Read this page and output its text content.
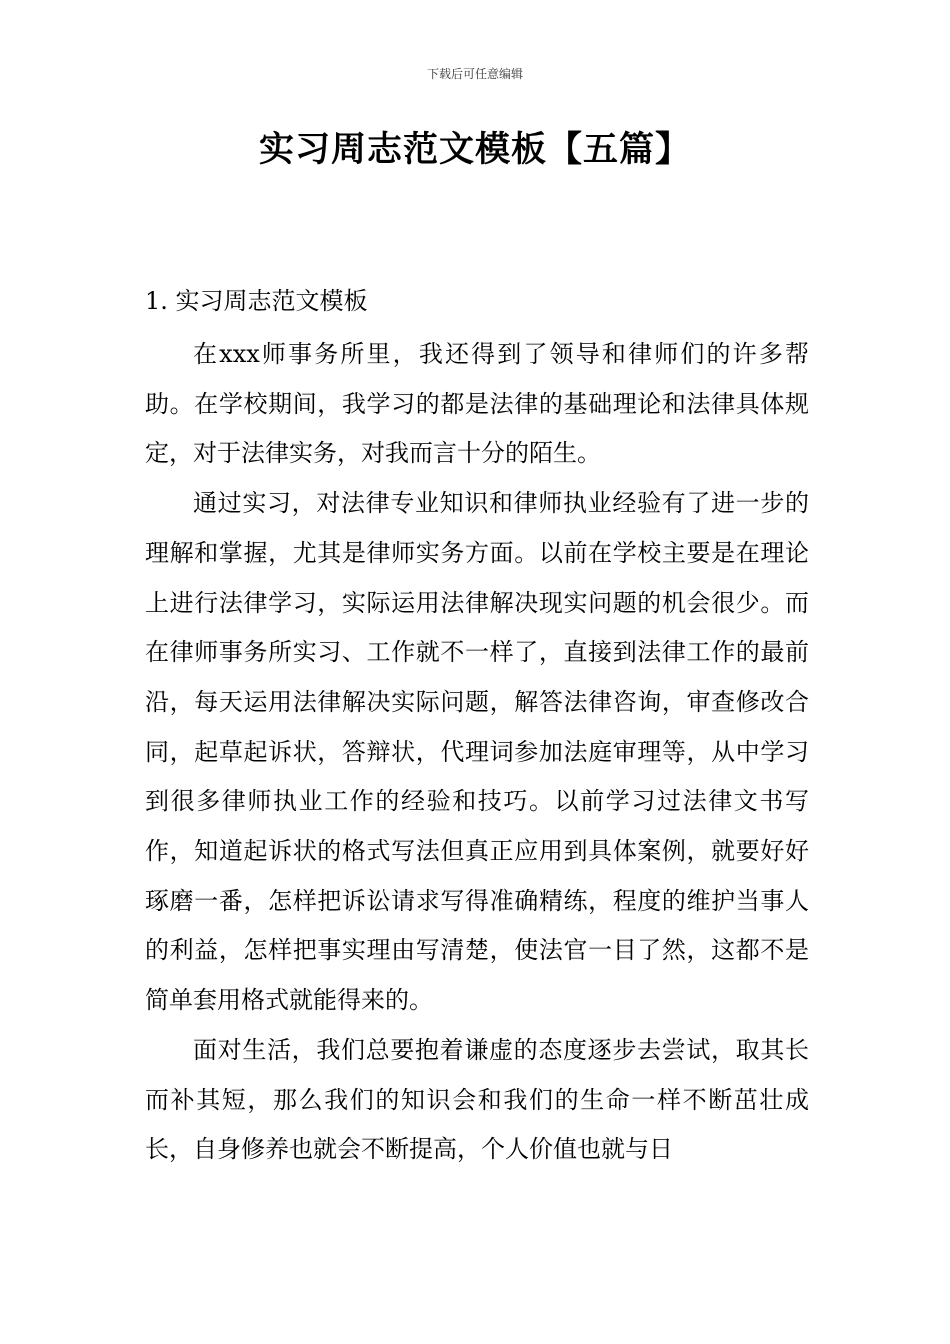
下载后可任意编辑
实习周志范文模板【五篇】
1. 实习周志范文模板

在xxx师事务所里，我还得到了领导和律师们的许多帮助。在学校期间，我学习的都是法律的基础理论和法律具体规定，对于法律实务，对我而言十分的陌生。

通过实习，对法律专业知识和律师执业经验有了进一步的理解和掌握，尤其是律师实务方面。以前在学校主要是在理论上进行法律学习，实际运用法律解决现实问题的机会很少。而在律师事务所实习、工作就不一样了，直接到法律工作的最前沿，每天运用法律解决实际问题，解答法律咨询，审查修改合同，起草起诉状，答辩状，代理词参加法庭审理等，从中学习到很多律师执业工作的经验和技巧。以前学习过法律文书写作，知道起诉状的格式写法但真正应用到具体案例，就要好好琢磨一番，怎样把诉讼请求写得准确精练，程度的维护当事人的利益，怎样把事实理由写清楚，使法官一目了然，这都不是简单套用格式就能得来的。

面对生活，我们总要抱着谦虚的态度逐步去尝试，取其长而补其短，那么我们的知识会和我们的生命一样不断茁壮成长，自身修养也就会不断提高，个人价值也就与日
